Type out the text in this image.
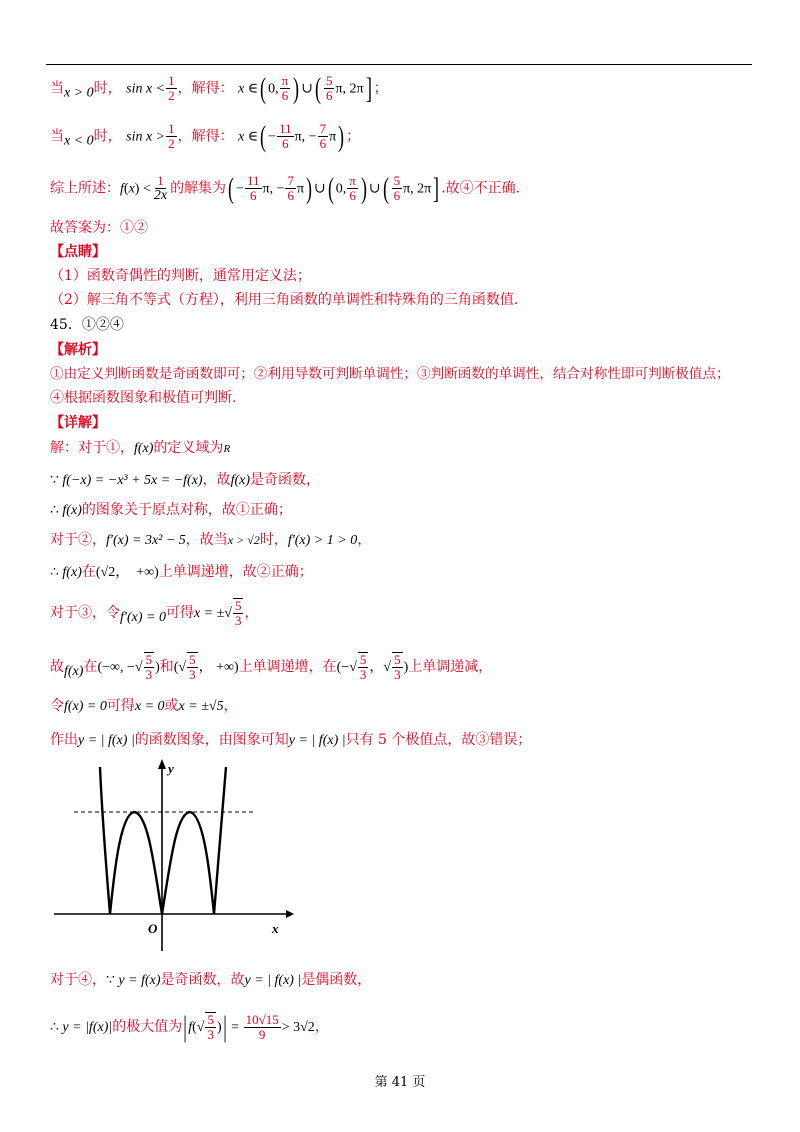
当$_{x > 0}$时， $\sin x < \frac{1}{2}$ ，解得： x ∈( 0, $\frac{\pi}{6}$ ) ∪( $\frac{5}{6} \pi$, 2π] ；
当$_{x < 0}$时， $\sin x > \frac{1}{2}$ ，解得： x ∈( − $\frac{11}{6} \pi$, − $\frac{7}{6} \pi$) ；
综上所述：$f(x) < \frac{1}{2x}$ 的解集为( − $\frac{11}{6} \pi$, − $\frac{7}{6} \pi$) ∪( 0, $\frac{\pi}{6}$ ) ∪( $\frac{5}{6} \pi$, 2π] .故④不正确.
故答案为：①②
【点睛】
（1）函数奇偶性的判断，通常用定义法；
（2）解三角不等式（方程），利用三角函数的单调性和特殊角的三角函数值.
45．①②④
【解析】
①由定义判断函数是奇函数即可；②利用导数可判断单调性；③判断函数的单调性，结合对称性即可判断极值点；
④根据函数图象和极值可判断.
【详解】
解：对于①，f(x)的定义域为R
∵ f(−x) = −x³ + 5x = −f(x)，故f(x)是奇函数，
∴ f(x)的图象关于原点对称，故①正确；
对于②，f′(x) = 3x² − 5，故当x > √2时，f′(x) > 1 > 0，
∴ f(x)在(√2，  +∞)上单调递增，故②正确；
对于③，令$_{f'(x) = 0}$可得x = ±√ $\frac{5}{3}$ ，
故$_{f(x)}$在(−∞, −√ $\frac{5}{3}$ )和(√ $\frac{5}{3}$ ， +∞)上单调递增，在(−√ $\frac{5}{3}$ ，√ $\frac{5}{3}$ )上单调递减，
令f(x) = 0可得x = 0或x = ±√5，
作出y = | f(x) |的函数图象，由图象可知y = | f(x) |只有 5 个极值点，故③错误；
y
x
O
对于④，∵ y = f(x)是奇函数，故y = | f(x) |是偶函数，
∴ y = |f(x)|的极大值为$|f(√ \frac{5}{3}$ )| = $\frac{10√15}{9} > 3√2$，
第 41 页
